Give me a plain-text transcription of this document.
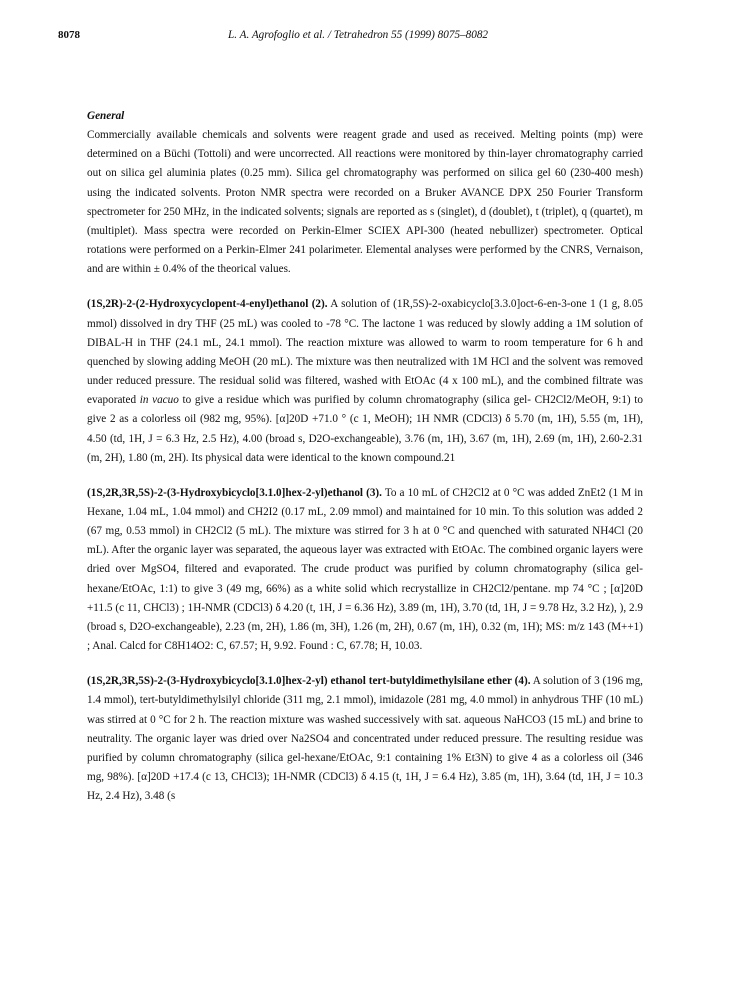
8078	L. A. Agrofoglio et al. / Tetrahedron 55 (1999) 8075–8082

General

Commercially available chemicals and solvents were reagent grade and used as received. Melting points (mp) were determined on a Büchi (Tottoli) and were uncorrected. All reactions were monitored by thin-layer chromatography carried out on silica gel aluminia plates (0.25 mm). Silica gel chromatography was performed on silica gel 60 (230-400 mesh) using the indicated solvents. Proton NMR spectra were recorded on a Bruker AVANCE DPX 250 Fourier Transform spectrometer for 250 MHz, in the indicated solvents; signals are reported as s (singlet), d (doublet), t (triplet), q (quartet), m (multiplet). Mass spectra were recorded on Perkin-Elmer SCIEX API-300 (heated nebullizer) spectrometer. Optical rotations were performed on a Perkin-Elmer 241 polarimeter. Elemental analyses were performed by the CNRS, Vernaison, and are within ± 0.4% of the theorical values.

(1S,2R)-2-(2-Hydroxycyclopent-4-enyl)ethanol (2). A solution of (1R,5S)-2-oxabicyclo[3.3.0]oct-6-en-3-one 1 (1 g, 8.05 mmol) dissolved in dry THF (25 mL) was cooled to -78 °C. The lactone 1 was reduced by slowly adding a 1M solution of DIBAL-H in THF (24.1 mL, 24.1 mmol). The reaction mixture was allowed to warm to room temperature for 6 h and quenched by slowing adding MeOH (20 mL). The mixture was then neutralized with 1M HCl and the solvent was removed under reduced pressure. The residual solid was filtered, washed with EtOAc (4 x 100 mL), and the combined filtrate was evaporated in vacuo to give a residue which was purified by column chromatography (silica gel- CH2Cl2/MeOH, 9:1) to give 2 as a colorless oil (982 mg, 95%). [α]20D +71.0 ° (c 1, MeOH); 1H NMR (CDCl3) δ 5.70 (m, 1H), 5.55 (m, 1H), 4.50 (td, 1H, J = 6.3 Hz, 2.5 Hz), 4.00 (broad s, D2O-exchangeable), 3.76 (m, 1H), 3.67 (m, 1H), 2.69 (m, 1H), 2.60-2.31 (m, 2H), 1.80 (m, 2H). Its physical data were identical to the known compound.21

(1S,2R,3R,5S)-2-(3-Hydroxybicyclo[3.1.0]hex-2-yl)ethanol (3). To a 10 mL of CH2Cl2 at 0 °C was added ZnEt2 (1 M in Hexane, 1.04 mL, 1.04 mmol) and CH2I2 (0.17 mL, 2.09 mmol) and maintained for 10 min. To this solution was added 2 (67 mg, 0.53 mmol) in CH2Cl2 (5 mL). The mixture was stirred for 3 h at 0 °C and quenched with saturated NH4Cl (20 mL). After the organic layer was separated, the aqueous layer was extracted with EtOAc. The combined organic layers were dried over MgSO4, filtered and evaporated. The crude product was purified by column chromatography (silica gel- hexane/EtOAc, 1:1) to give 3 (49 mg, 66%) as a white solid which recrystallize in CH2Cl2/pentane. mp 74 °C ; [α]20D +11.5 (c 11, CHCl3) ; 1H-NMR (CDCl3) δ 4.20 (t, 1H, J = 6.36 Hz), 3.89 (m, 1H), 3.70 (td, 1H, J = 9.78 Hz, 3.2 Hz), ), 2.9 (broad s, D2O-exchangeable), 2.23 (m, 2H), 1.86 (m, 3H), 1.26 (m, 2H), 0.67 (m, 1H), 0.32 (m, 1H); MS: m/z 143 (M++1) ; Anal. Calcd for C8H14O2: C, 67.57; H, 9.92. Found : C, 67.78; H, 10.03.

(1S,2R,3R,5S)-2-(3-Hydroxybicyclo[3.1.0]hex-2-yl) ethanol tert-butyldimethylsilane ether (4). A solution of 3 (196 mg, 1.4 mmol), tert-butyldimethylsilyl chloride (311 mg, 2.1 mmol), imidazole (281 mg, 4.0 mmol) in anhydrous THF (10 mL) was stirred at 0 °C for 2 h. The reaction mixture was washed successively with sat. aqueous NaHCO3 (15 mL) and brine to neutrality. The organic layer was dried over Na2SO4 and concentrated under reduced pressure. The resulting residue was purified by column chromatography (silica gel-hexane/EtOAc, 9:1 containing 1% Et3N) to give 4 as a colorless oil (346 mg, 98%). [α]20D +17.4 (c 13, CHCl3); 1H-NMR (CDCl3) δ 4.15 (t, 1H, J = 6.4 Hz), 3.85 (m, 1H), 3.64 (td, 1H, J = 10.3 Hz, 2.4 Hz), 3.48 (s
